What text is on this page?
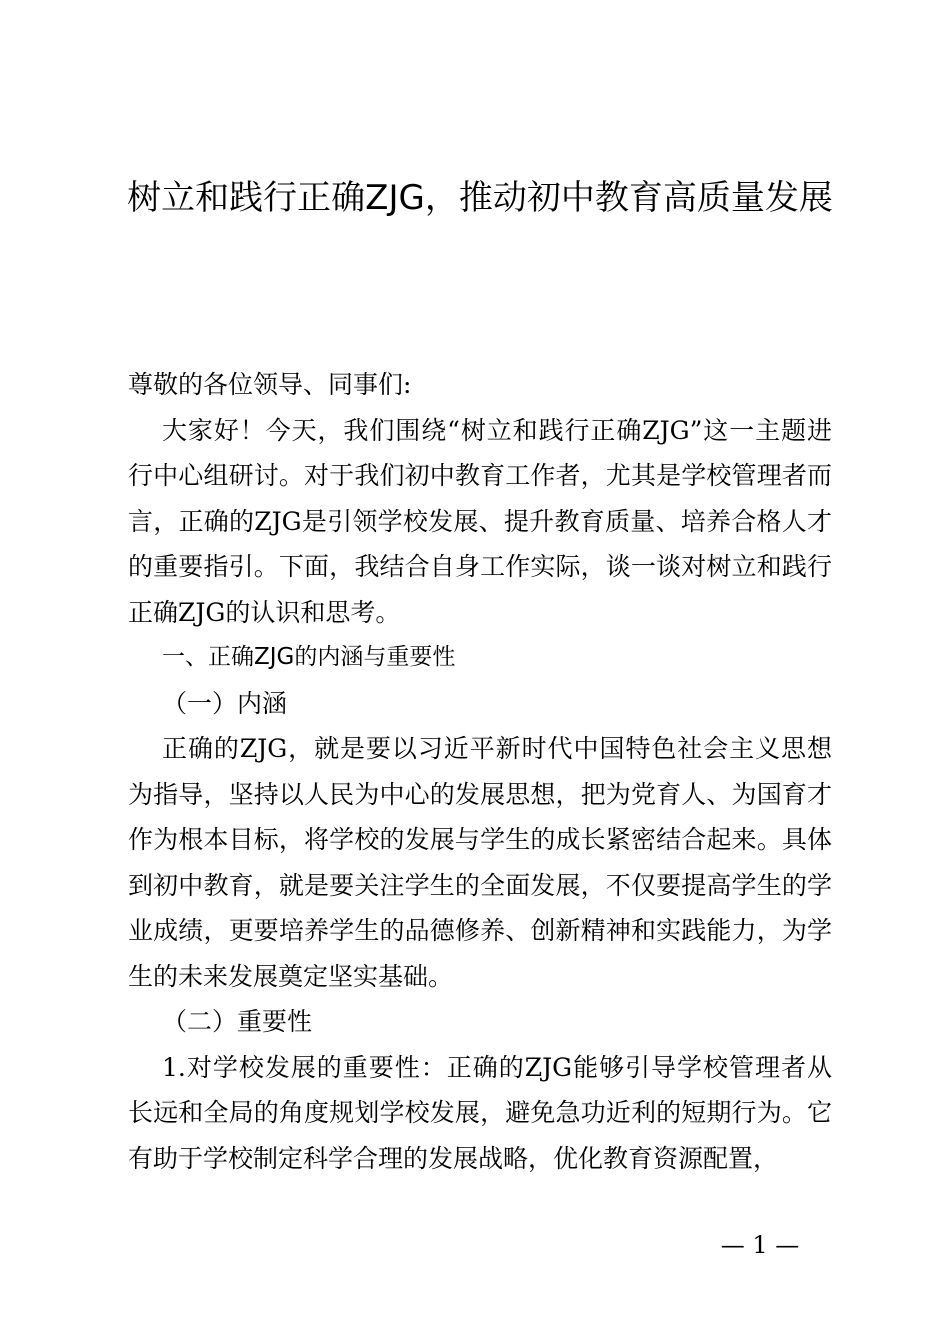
树立和践行正确ZJG，推动初中教育高质量发展

尊敬的各位领导、同事们:

大家好！今天，我们围绕“树立和践行正确ZJG”这一主题进行中心组研讨。对于我们初中教育工作者，尤其是学校管理者而言，正确的ZJG是引领学校发展、提升教育质量、培养合格人才的重要指引。下面，我结合自身工作实际，谈一谈对树立和践行正确ZJG的认识和思考。

一、正确ZJG的内涵与重要性

（一）内涵

正确的ZJG，就是要以习近平新时代中国特色社会主义思想为指导，坚持以人民为中心的发展思想，把为党育人、为国育才作为根本目标，将学校的发展与学生的成长紧密结合起来。具体到初中教育，就是要关注学生的全面发展，不仅要提高学生的学业成绩，更要培养学生的品德修养、创新精神和实践能力，为学生的未来发展奠定坚实基础。

（二）重要性

1.对学校发展的重要性：正确的ZJG能够引导学校管理者从长远和全局的角度规划学校发展，避免急功近利的短期行为。它有助于学校制定科学合理的发展战略，优化教育资源配置，

— 1 —
